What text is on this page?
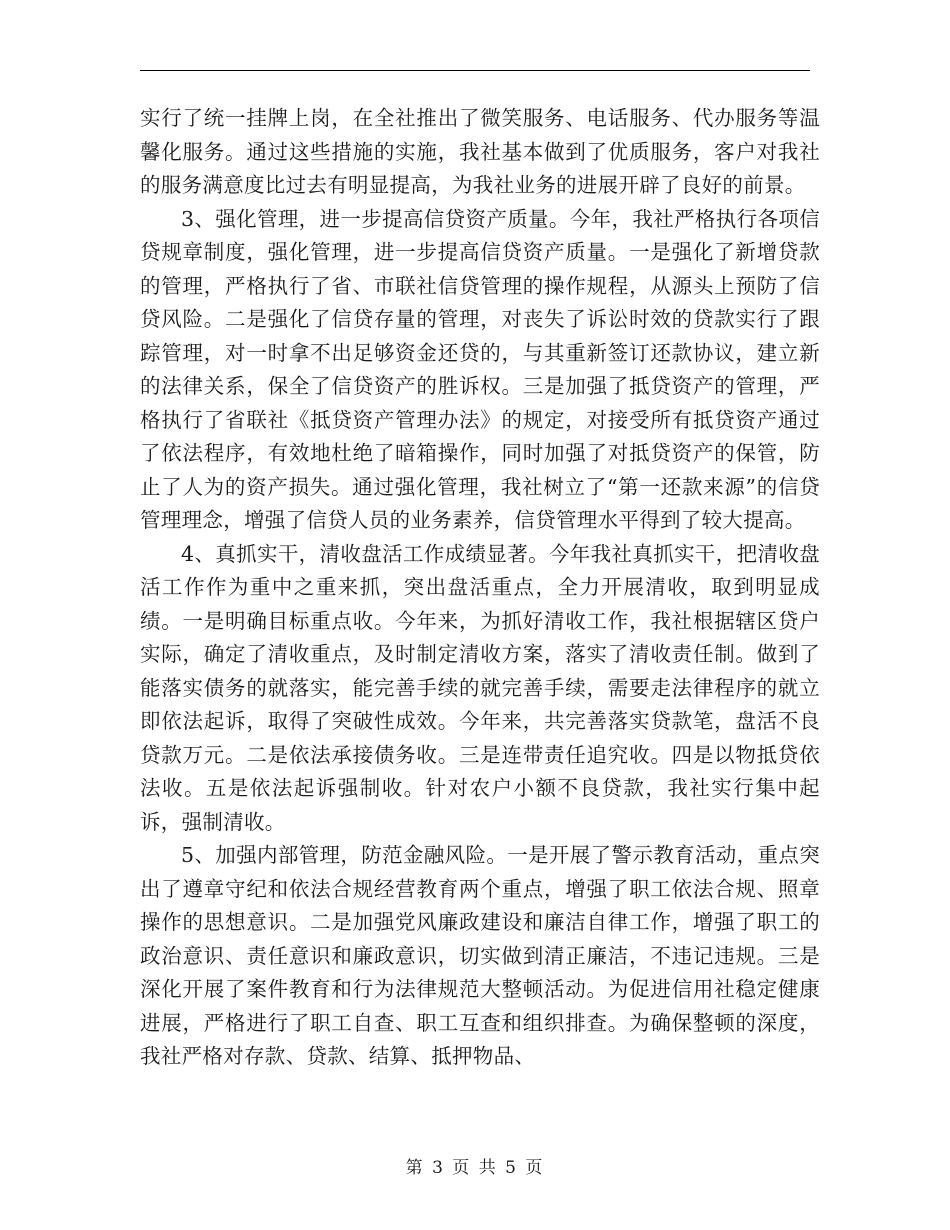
实行了统一挂牌上岗，在全社推出了微笑服务、电话服务、代办服务等温馨化服务。通过这些措施的实施，我社基本做到了优质服务，客户对我社的服务满意度比过去有明显提高，为我社业务的进展开辟了良好的前景。

3、强化管理，进一步提高信贷资产质量。今年，我社严格执行各项信贷规章制度，强化管理，进一步提高信贷资产质量。一是强化了新增贷款的管理，严格执行了省、市联社信贷管理的操作规程，从源头上预防了信贷风险。二是强化了信贷存量的管理，对丧失了诉讼时效的贷款实行了跟踪管理，对一时拿不出足够资金还贷的，与其重新签订还款协议，建立新的法律关系，保全了信贷资产的胜诉权。三是加强了抵贷资产的管理，严格执行了省联社《抵贷资产管理办法》的规定，对接受所有抵贷资产通过了依法程序，有效地杜绝了暗箱操作，同时加强了对抵贷资产的保管，防止了人为的资产损失。通过强化管理，我社树立了“第一还款来源”的信贷管理理念，增强了信贷人员的业务素养，信贷管理水平得到了较大提高。

4、真抓实干，清收盘活工作成绩显著。今年我社真抓实干，把清收盘活工作作为重中之重来抓，突出盘活重点，全力开展清收，取到明显成绩。一是明确目标重点收。今年来，为抓好清收工作，我社根据辖区贷户实际，确定了清收重点，及时制定清收方案，落实了清收责任制。做到了能落实债务的就落实，能完善手续的就完善手续，需要走法律程序的就立即依法起诉，取得了突破性成效。今年来，共完善落实贷款笔，盘活不良贷款万元。二是依法承接债务收。三是连带责任追究收。四是以物抵贷依法收。五是依法起诉强制收。针对农户小额不良贷款，我社实行集中起诉，强制清收。

5、加强内部管理，防范金融风险。一是开展了警示教育活动，重点突出了遵章守纪和依法合规经营教育两个重点，增强了职工依法合规、照章操作的思想意识。二是加强党风廉政建设和廉洁自律工作，增强了职工的政治意识、责任意识和廉政意识，切实做到清正廉洁，不违记违规。三是深化开展了案件教育和行为法律规范大整顿活动。为促进信用社稳定健康进展，严格进行了职工自查、职工互查和组织排查。为确保整顿的深度，我社严格对存款、贷款、结算、抵押物品、

第 3 页 共 5 页
